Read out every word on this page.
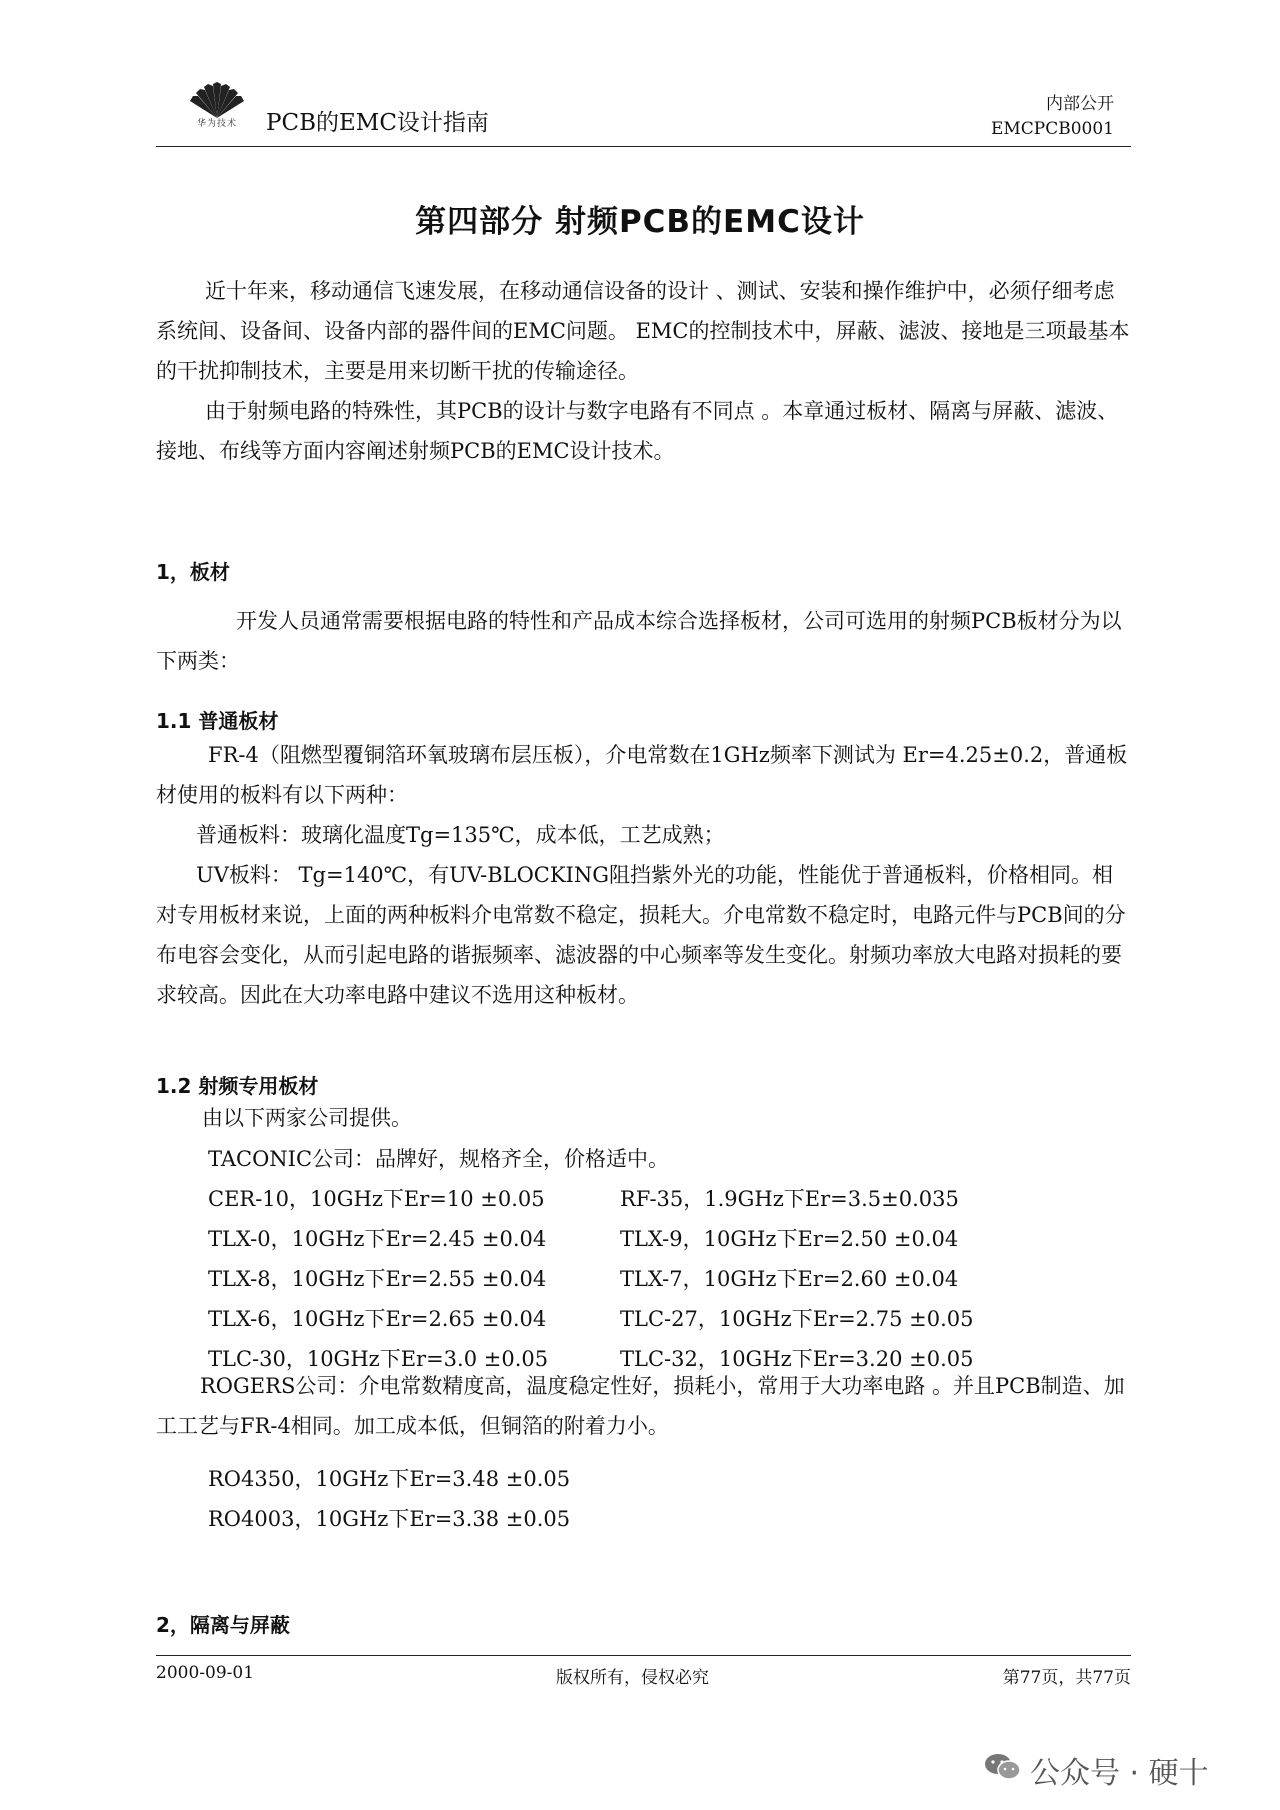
华为技术	PCB的EMC设计指南
内部公开
EMCPCB0001
第四部分 射频PCB的EMC设计

近十年来，移动通信飞速发展，在移动通信设备的设计 、测试、安装和操作维护中，必须仔细考虑系统间、设备间、设备内部的器件间的EMC问题。 EMC的控制技术中，屏蔽、滤波、接地是三项最基本的干扰抑制技术，主要是用来切断干扰的传输途径。

由于射频电路的特殊性，其PCB的设计与数字电路有不同点 。本章通过板材、隔离与屏蔽、滤波、接地、布线等方面内容阐述射频PCB的EMC设计技术。

1，板材

开发人员通常需要根据电路的特性和产品成本综合选择板材，公司可选用的射频PCB板材分为以下两类：

1.1 普通板材

FR-4（阻燃型覆铜箔环氧玻璃布层压板），介电常数在1GHz频率下测试为 Er=4.25±0.2，普通板材使用的板料有以下两种：

普通板料：玻璃化温度Tg=135℃，成本低，工艺成熟；

UV板料： Tg=140℃，有UV-BLOCKING阻挡紫外光的功能，性能优于普通板料，价格相同。相对专用板材来说，上面的两种板料介电常数不稳定，损耗大。介电常数不稳定时，电路元件与PCB间的分布电容会变化，从而引起电路的谐振频率、滤波器的中心频率等发生变化。射频功率放大电路对损耗的要求较高。因此在大功率电路中建议不选用这种板材。

1.2 射频专用板材
由以下两家公司提供。
TACONIC公司：品牌好，规格齐全，价格适中。
CER-10，10GHz下Er=10 ±0.05	RF-35，1.9GHz下Er=3.5±0.035
TLX-0，10GHz下Er=2.45 ±0.04	TLX-9，10GHz下Er=2.50 ±0.04
TLX-8，10GHz下Er=2.55 ±0.04	TLX-7，10GHz下Er=2.60 ±0.04
TLX-6，10GHz下Er=2.65 ±0.04	TLC-27，10GHz下Er=2.75 ±0.05
TLC-30，10GHz下Er=3.0 ±0.05	TLC-32，10GHz下Er=3.20 ±0.05

ROGERS公司：介电常数精度高，温度稳定性好，损耗小，常用于大功率电路 。并且PCB制造、加工工艺与FR-4相同。加工成本低，但铜箔的附着力小。

RO4350，10GHz下Er=3.48 ±0.05
RO4003，10GHz下Er=3.38 ±0.05
2，隔离与屏蔽
2000-09-01	版权所有，侵权必究	第77页，共77页
公众号 · 硬十
